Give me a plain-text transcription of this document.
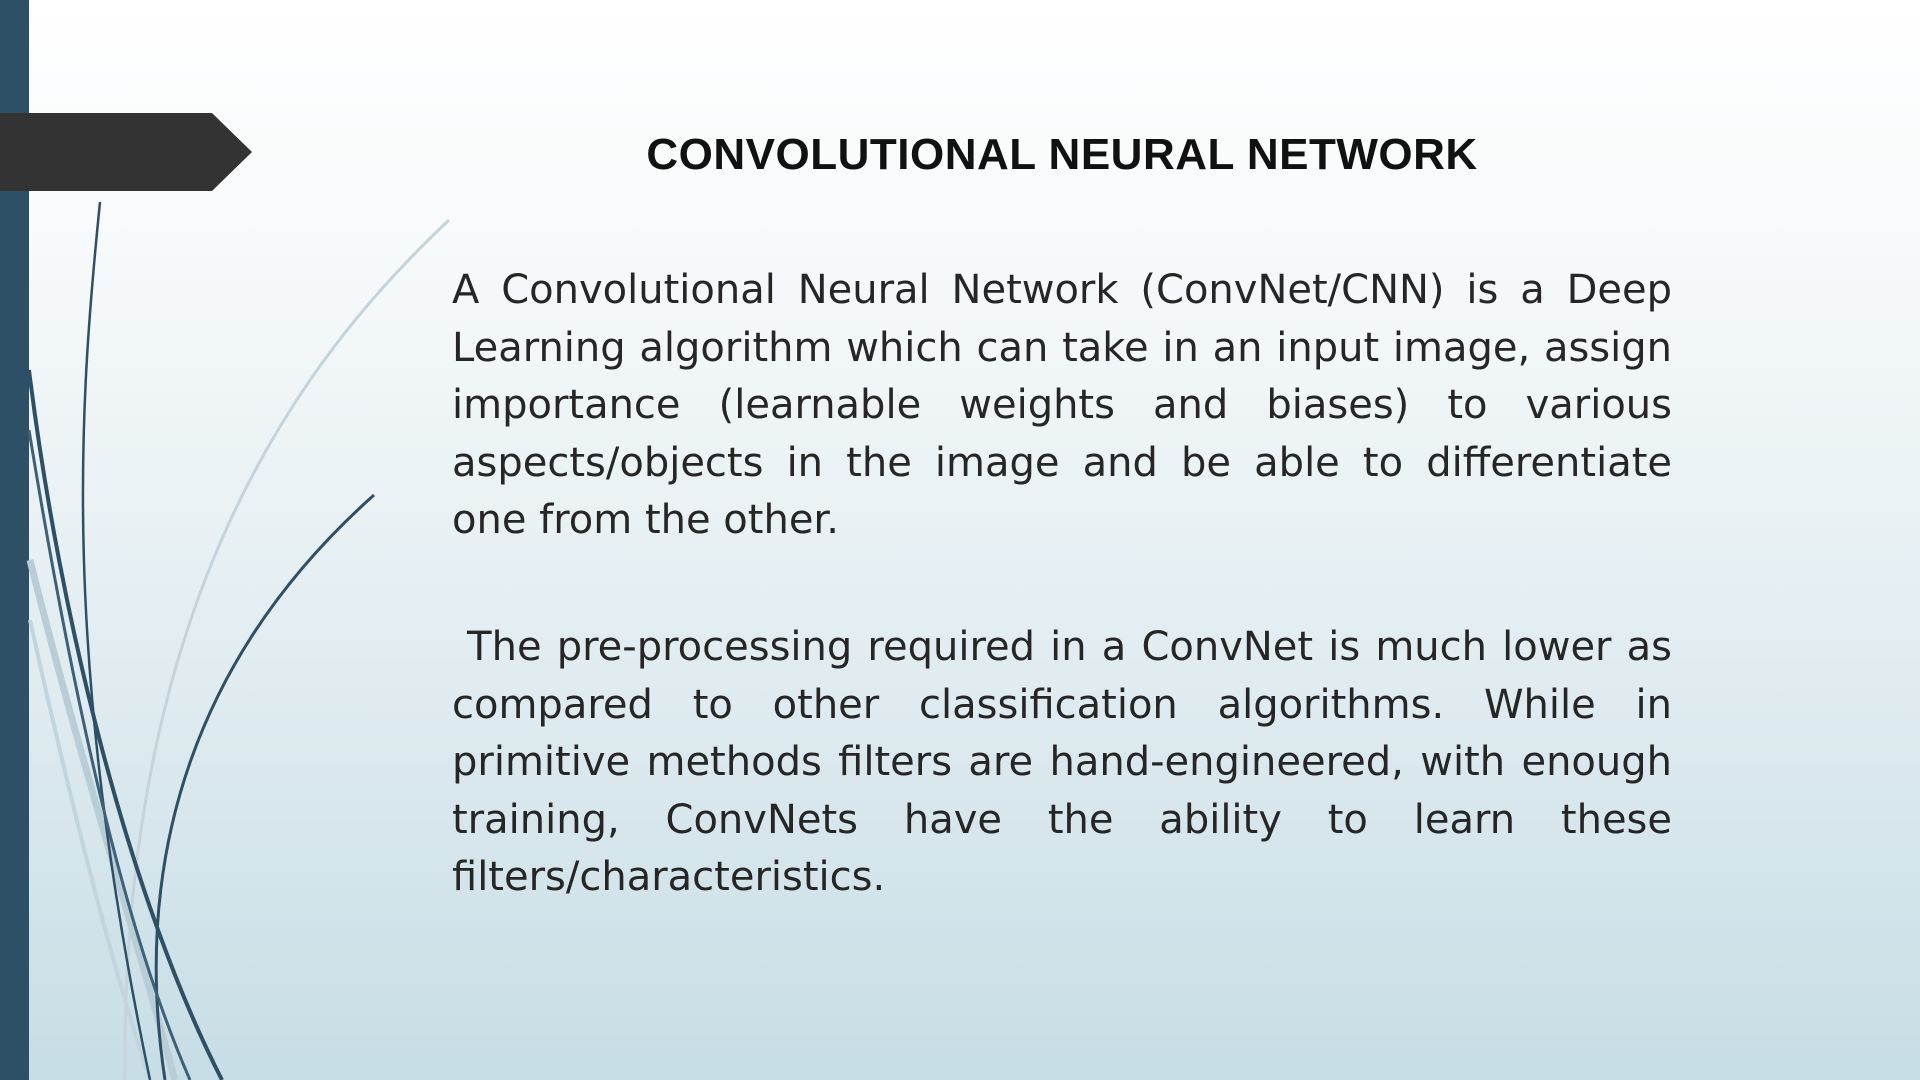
CONVOLUTIONAL NEURAL NETWORK

A Convolutional Neural Network (ConvNet/CNN) is a Deep Learning algorithm which can take in an input image, assign importance (learnable weights and biases) to various aspects/objects in the image and be able to differentiate one from the other.

The pre-processing required in a ConvNet is much lower as compared to other classification algorithms. While in primitive methods filters are hand-engineered, with enough training, ConvNets have the ability to learn these filters/characteristics.
